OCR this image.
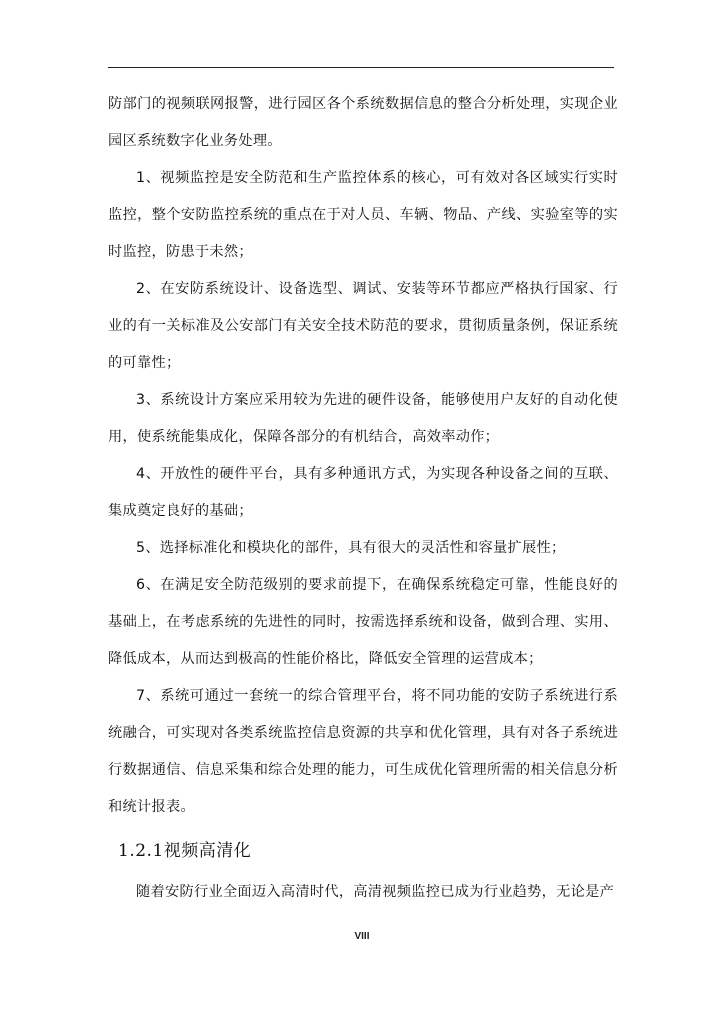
防部门的视频联网报警，进行园区各个系统数据信息的整合分析处理，实现企业园区系统数字化业务处理。

1、视频监控是安全防范和生产监控体系的核心，可有效对各区域实行实时监控，整个安防监控系统的重点在于对人员、车辆、物品、产线、实验室等的实时监控，防患于未然；

2、在安防系统设计、设备选型、调试、安装等环节都应严格执行国家、行业的有一关标准及公安部门有关安全技术防范的要求，贯彻质量条例，保证系统的可靠性；

3、系统设计方案应采用较为先进的硬件设备，能够使用户友好的自动化使用，使系统能集成化，保障各部分的有机结合，高效率动作；

4、开放性的硬件平台，具有多种通讯方式，为实现各种设备之间的互联、集成奠定良好的基础；

5、选择标准化和模块化的部件，具有很大的灵活性和容量扩展性；

6、在满足安全防范级别的要求前提下，在确保系统稳定可靠，性能良好的基础上，在考虑系统的先进性的同时，按需选择系统和设备，做到合理、实用、降低成本，从而达到极高的性能价格比，降低安全管理的运营成本；

7、系统可通过一套统一的综合管理平台，将不同功能的安防子系统进行系统融合，可实现对各类系统监控信息资源的共享和优化管理，具有对各子系统进行数据通信、信息采集和综合处理的能力，可生成优化管理所需的相关信息分析和统计报表。

1.2.1视频高清化

随着安防行业全面迈入高清时代，高清视频监控已成为行业趋势，无论是产

VIII
